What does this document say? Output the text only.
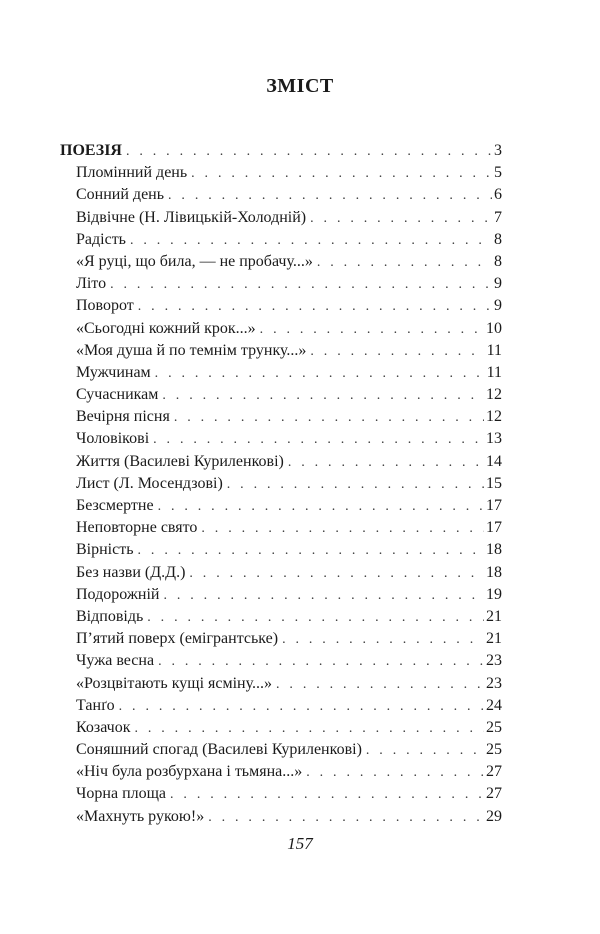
ЗМІСТ
ПОЕЗІЯ . . .	3
Пломінний день . . .	5
Сонний день . . .	6
Відвічне (Н. Лівицькій-Холодній) . . .	7
Радість . . .	8
«Я руці, що била, — не пробачу...» . . .	8
Літо . . .	9
Поворот . . .	9
«Сьогодні кожний крок...» . . .	10
«Моя душа й по темнім трунку...» . . .	11
Мужчинам . . .	11
Сучасникам . . .	12
Вечірня пісня . . .	12
Чоловікові . . .	13
Життя (Василеві Куриленкові) . . .	14
Лист (Л. Мосендзові) . . .	15
Безсмертне . . .	17
Неповторне свято . . .	17
Вірність . . .	18
Без назви (Д.Д.) . . .	18
Подорожній . . .	19
Відповідь . . .	21
П’ятий поверх (емігрантське) . . .	21
Чужа весна . . .	23
«Розцвітають кущі ясміну...» . . .	23
Танґо . . .	24
Козачок . . .	25
Соняшний спогад (Василеві Куриленкові) . . .	25
«Ніч була розбурхана і тьмяна...» . . .	27
Чорна площа . . .	27
«Махнуть рукою!» . . .	29
157
